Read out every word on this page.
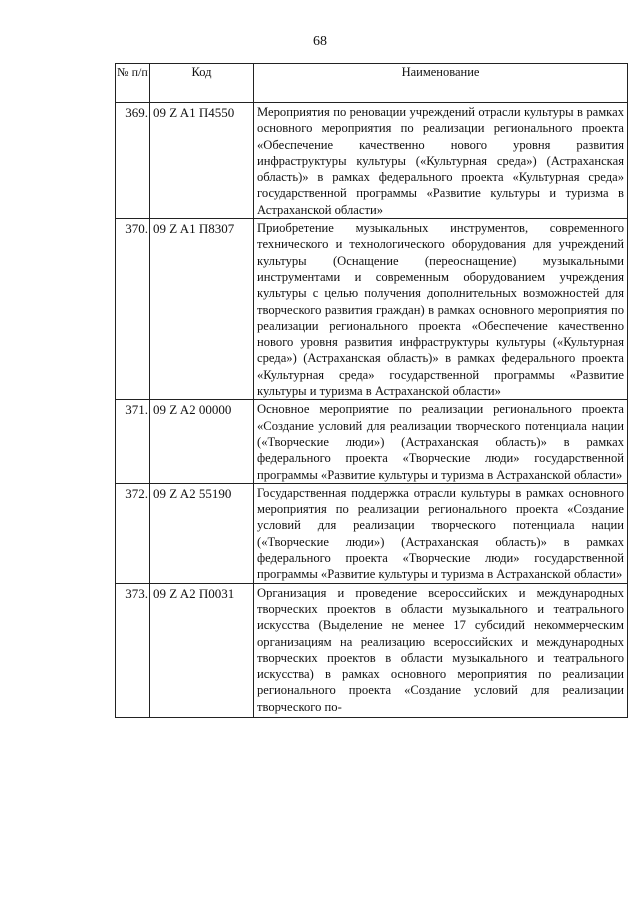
68
№ п/п	Код	Наименование
369.	09 Z A1 П4550	Мероприятия по реновации учреждений отрасли культуры в рамках основного мероприятия по реализации регионального проекта «Обеспечение качественно нового уровня развития инфраструктуры культуры («Культурная среда») (Астраханская область)» в рамках федерального проекта «Культурная среда» государственной программы «Развитие культуры и туризма в Астраханской области»
370.	09 Z A1 П8307	Приобретение музыкальных инструментов, современного технического и технологического оборудования для учреждений культуры (Оснащение (переоснащение) музыкальными инструментами и современным оборудованием учреждения культуры с целью получения дополнительных возможностей для творческого развития граждан) в рамках основного мероприятия по реализации регионального проекта «Обеспечение качественно нового уровня развития инфраструктуры культуры («Культурная среда») (Астраханская область)» в рамках федерального проекта «Культурная среда» государственной программы «Развитие культуры и туризма в Астраханской области»
371.	09 Z A2 00000	Основное мероприятие по реализации регионального проекта «Создание условий для реализации творческого потенциала нации («Творческие люди») (Астраханская область)» в рамках федерального проекта «Творческие люди» государственной программы «Развитие культуры и туризма в Астраханской области»
372.	09 Z A2 55190	Государственная поддержка отрасли культуры в рамках основного мероприятия по реализации регионального проекта «Создание условий для реализации творческого потенциала нации («Творческие люди») (Астраханская область)» в рамках федерального проекта «Творческие люди» государственной программы «Развитие культуры и туризма в Астраханской области»
373.	09 Z A2 П0031	Организация и проведение всероссийских и международных творческих проектов в области музыкального и театрального искусства (Выделение не менее 17 субсидий некоммерческим организациям на реализацию всероссийских и международных творческих проектов в области музыкального и театрального искусства) в рамках основного мероприятия по реализации регионального проекта «Создание условий для реализации творческого по-
